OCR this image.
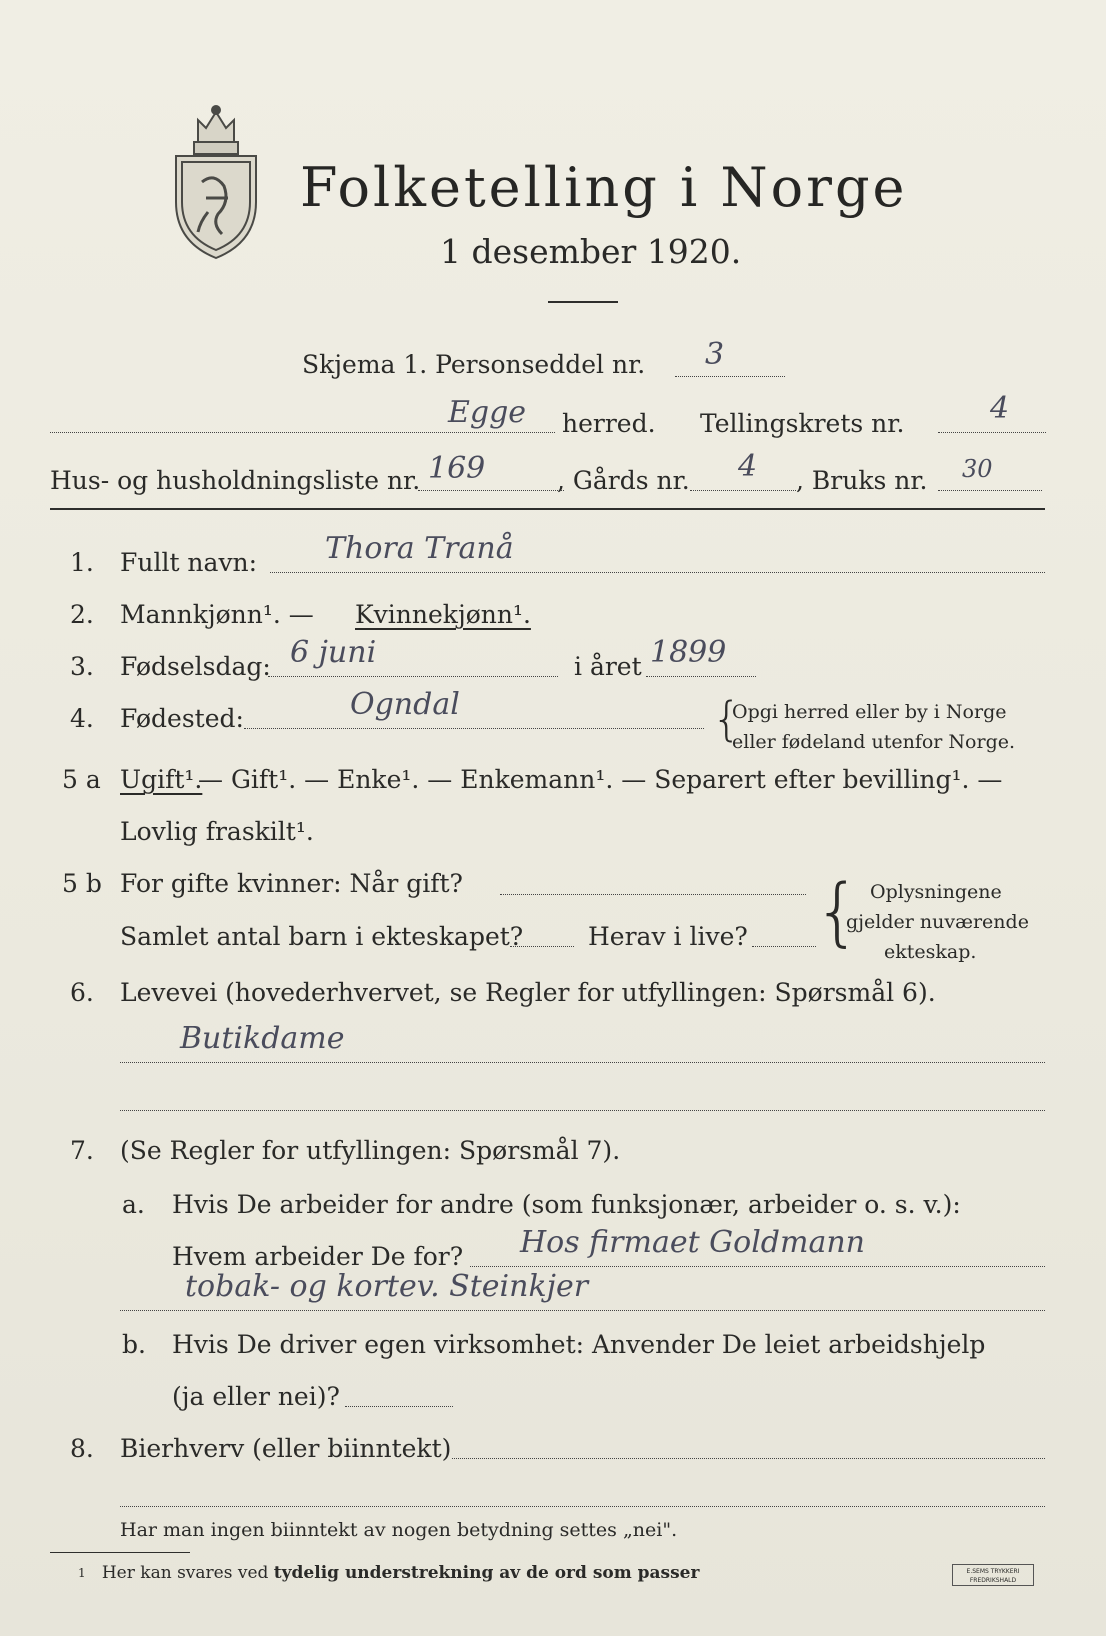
Folketelling i Norge
1 desember 1920.
Skjema 1. Personseddel nr. 3
Egge herred. Tellingskrets nr.	4
Hus- og husholdningsliste nr. 169	, Gårds nr. 4 , Bruks nr. 30
1. Fullt navn: Thora Tranå
2. Mannkjønn¹. — Kvinnekjønn¹.
3. Fødselsdag: 6 juni	i året 1899
4. Fødested:	Ogndal	{
Opgi herred eller by i Norge
eller fødeland utenfor Norge.
5 a Ugift¹.
— Gift¹. — Enke¹. — Enkemann¹. — Separert efter bevilling¹. —
Lovlig fraskilt¹.
5 b For gifte kvinner: Når gift?
Samlet antal barn i ekteskapet?	Herav i live? { Oplysningene
gjelder nuværende
ekteskap.
6. Levevei (hovederhvervet, se Regler for utfyllingen: Spørsmål 6).
Butikdame
7. (Se Regler for utfyllingen: Spørsmål 7).
a. Hvis De arbeider for andre (som funksjonær, arbeider o. s. v.):
Hvem arbeider De for? Hos firmaet Goldmann
tobak- og kortev. Steinkjer
b. Hvis De driver egen virksomhet: Anvender De leiet arbeidshjelp
(ja eller nei)?
8. Bierhverv (eller biinntekt)
Har man ingen biinntekt av nogen betydning settes „nei".
$^1$ Her kan svares ved tydelig understrekning av de ord som passer	E.SEMS TRYKKERI
FREDRIKSHALD
